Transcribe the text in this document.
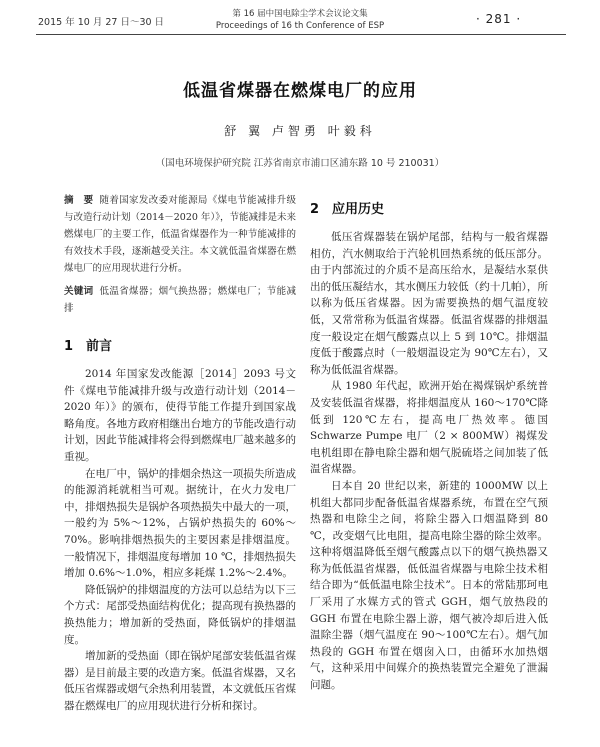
2015 年 10 月 27 日～30 日
第 16 届中国电除尘学术会议论文集
Proceedings of 16 th Conference of ESP	· 281 ·
低温省煤器在燃煤电厂的应用
舒 翼 卢智勇 叶毅科
（国电环境保护研究院 江苏省南京市浦口区浦东路 10 号 210031）

摘　要 随着国家发改委对能源局《煤电节能减排升级与改造行动计划（2014－2020 年）》，节能减排是未来燃煤电厂的主要工作，低温省煤器作为一种节能减排的有效技术手段，逐渐越受关注。本文就低温省煤器在燃煤电厂的应用现状进行分析。

关键词 低温省煤器；烟气换热器；燃煤电厂；节能减排

1　前言

2014 年国家发改能源［2014］2093 号文件《煤电节能减排升级与改造行动计划（2014－2020 年）》的颁布，使得节能工作提升到国家战略角度。各地方政府相继出台地方的节能改造行动计划，因此节能减排将会得到燃煤电厂越来越多的重视。

在电厂中，锅炉的排烟余热这一项损失所造成的能源消耗就相当可观。据统计，在火力发电厂中，排烟热损失是锅炉各项热损失中最大的一项，一般约为 5%～12%，占锅炉热损失的 60%～70%。影响排烟热损失的主要因素是排烟温度。一般情况下，排烟温度每增加 10 ℃，排烟热损失增加 0.6%～1.0%，相应多耗煤 1.2%～2.4%。

降低锅炉的排烟温度的方法可以总结为以下三个方式：尾部受热面结构优化；提高现有换热器的换热能力；增加新的受热面，降低锅炉的排烟温度。

增加新的受热面（即在锅炉尾部安装低温省煤器）是目前最主要的改造方案。低温省煤器，又名低压省煤器或烟气余热利用装置，本文就低压省煤器在燃煤电厂的应用现状进行分析和探讨。

2　应用历史

低压省煤器装在锅炉尾部，结构与一般省煤器相仿，汽水侧取给于汽轮机回热系统的低压部分。由于内部流过的介质不是高压给水，是凝结水泵供出的低压凝结水，其水侧压力较低（约十几帕），所以称为低压省煤器。因为需要换热的烟气温度较低，又常常称为低温省煤器。低温省煤器的排烟温度一般设定在烟气酸露点以上 5 到 10℃。排烟温度低于酸露点时（一般烟温设定为 90℃左右），又称为低低温省煤器。

从 1980 年代起，欧洲开始在褐煤锅炉系统普及安装低温省煤器，将排烟温度从 160～170℃降低到 120℃左右，提高电厂热效率。德国 Schwarze Pumpe 电厂（2 × 800MW）褐煤发电机组即在静电除尘器和烟气脱硫塔之间加装了低温省煤器。

日本自 20 世纪以来，新建的 1000MW 以上机组大都同步配备低温省煤器系统，布置在空气预热器和电除尘之间，将除尘器入口烟温降到 80 ℃，改变烟气比电阻，提高电除尘器的除尘效率。这种将烟温降低至烟气酸露点以下的烟气换热器又称为低低温省煤器，低低温省煤器与电除尘技术相结合即为“低低温电除尘技术”。日本的常陆那珂电厂采用了水媒方式的管式 GGH，烟气放热段的 GGH 布置在电除尘器上游，烟气被冷却后进入低温除尘器（烟气温度在 90～100℃左右）。烟气加热段的 GGH 布置在烟囱入口，由循环水加热烟气，这种采用中间媒介的换热装置完全避免了泄漏问题。
